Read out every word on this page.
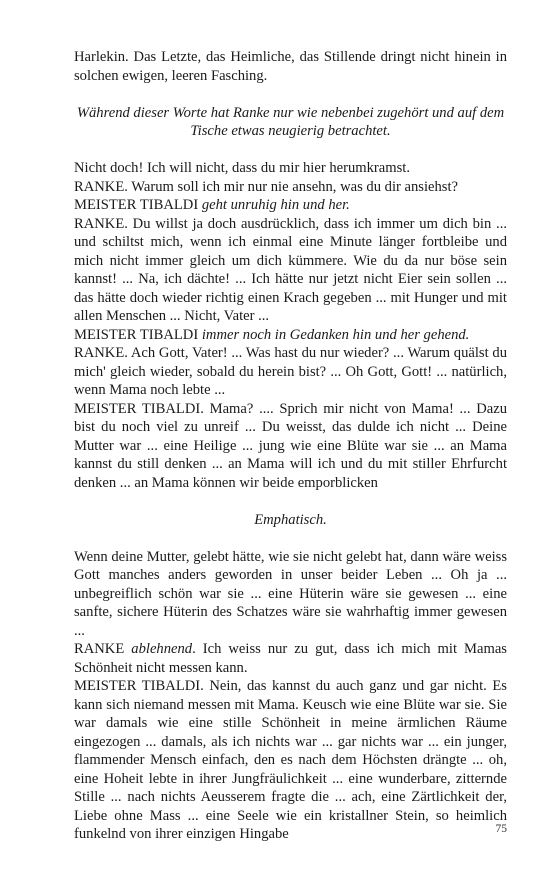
Harlekin. Das Letzte, das Heimliche, das Stillende dringt nicht hinein in solchen ewigen, leeren Fasching.

Während dieser Worte hat Ranke nur wie nebenbei zugehört und auf dem Tische etwas neugierig betrachtet.

Nicht doch! Ich will nicht, dass du mir hier herumkramst.

RANKE. Warum soll ich mir nur nie ansehn, was du dir ansiehst?

MEISTER TIBALDI geht unruhig hin und her.

RANKE. Du willst ja doch ausdrücklich, dass ich immer um dich bin ... und schiltst mich, wenn ich einmal eine Minute länger fortbleibe und mich nicht immer gleich um dich kümmere. Wie du da nur böse sein kannst! ... Na, ich dächte! ... Ich hätte nur jetzt nicht Eier sein sollen ... das hätte doch wieder richtig einen Krach gegeben ... mit Hunger und mit allen Menschen ... Nicht, Vater ...

MEISTER TIBALDI immer noch in Gedanken hin und her gehend.

RANKE. Ach Gott, Vater! ... Was hast du nur wieder? ... Warum quälst du mich' gleich wieder, sobald du herein bist? ... Oh Gott, Gott! ... natürlich, wenn Mama noch lebte ...

MEISTER TIBALDI. Mama? .... Sprich mir nicht von Mama! ... Dazu bist du noch viel zu unreif ... Du weisst, das dulde ich nicht ... Deine Mutter war ... eine Heilige ... jung wie eine Blüte war sie ... an Mama kannst du still denken ... an Mama will ich und du mit stiller Ehrfurcht denken ... an Mama können wir beide emporblicken

Emphatisch.

Wenn deine Mutter, gelebt hätte, wie sie nicht gelebt hat, dann wäre weiss Gott manches anders geworden in unser beider Leben ... Oh ja ... unbegreiflich schön war sie ... eine Hüterin wäre sie gewesen ... eine sanfte, sichere Hüterin des Schatzes wäre sie wahrhaftig immer gewesen ...

RANKE ablehnend. Ich weiss nur zu gut, dass ich mich mit Mamas Schönheit nicht messen kann.

MEISTER TIBALDI. Nein, das kannst du auch ganz und gar nicht. Es kann sich niemand messen mit Mama. Keusch wie eine Blüte war sie. Sie war damals wie eine stille Schönheit in meine ärmlichen Räume eingezogen ... damals, als ich nichts war ... gar nichts war ... ein junger, flammender Mensch einfach, den es nach dem Höchsten drängte ... oh, eine Hoheit lebte in ihrer Jungfräulichkeit ... eine wunderbare, zitternde Stille ... nach nichts Aeusserem fragte die ... ach, eine Zärtlichkeit der, Liebe ohne Mass ... eine Seele wie ein kristallner Stein, so heimlich funkelnd von ihrer einzigen Hingabe	75
